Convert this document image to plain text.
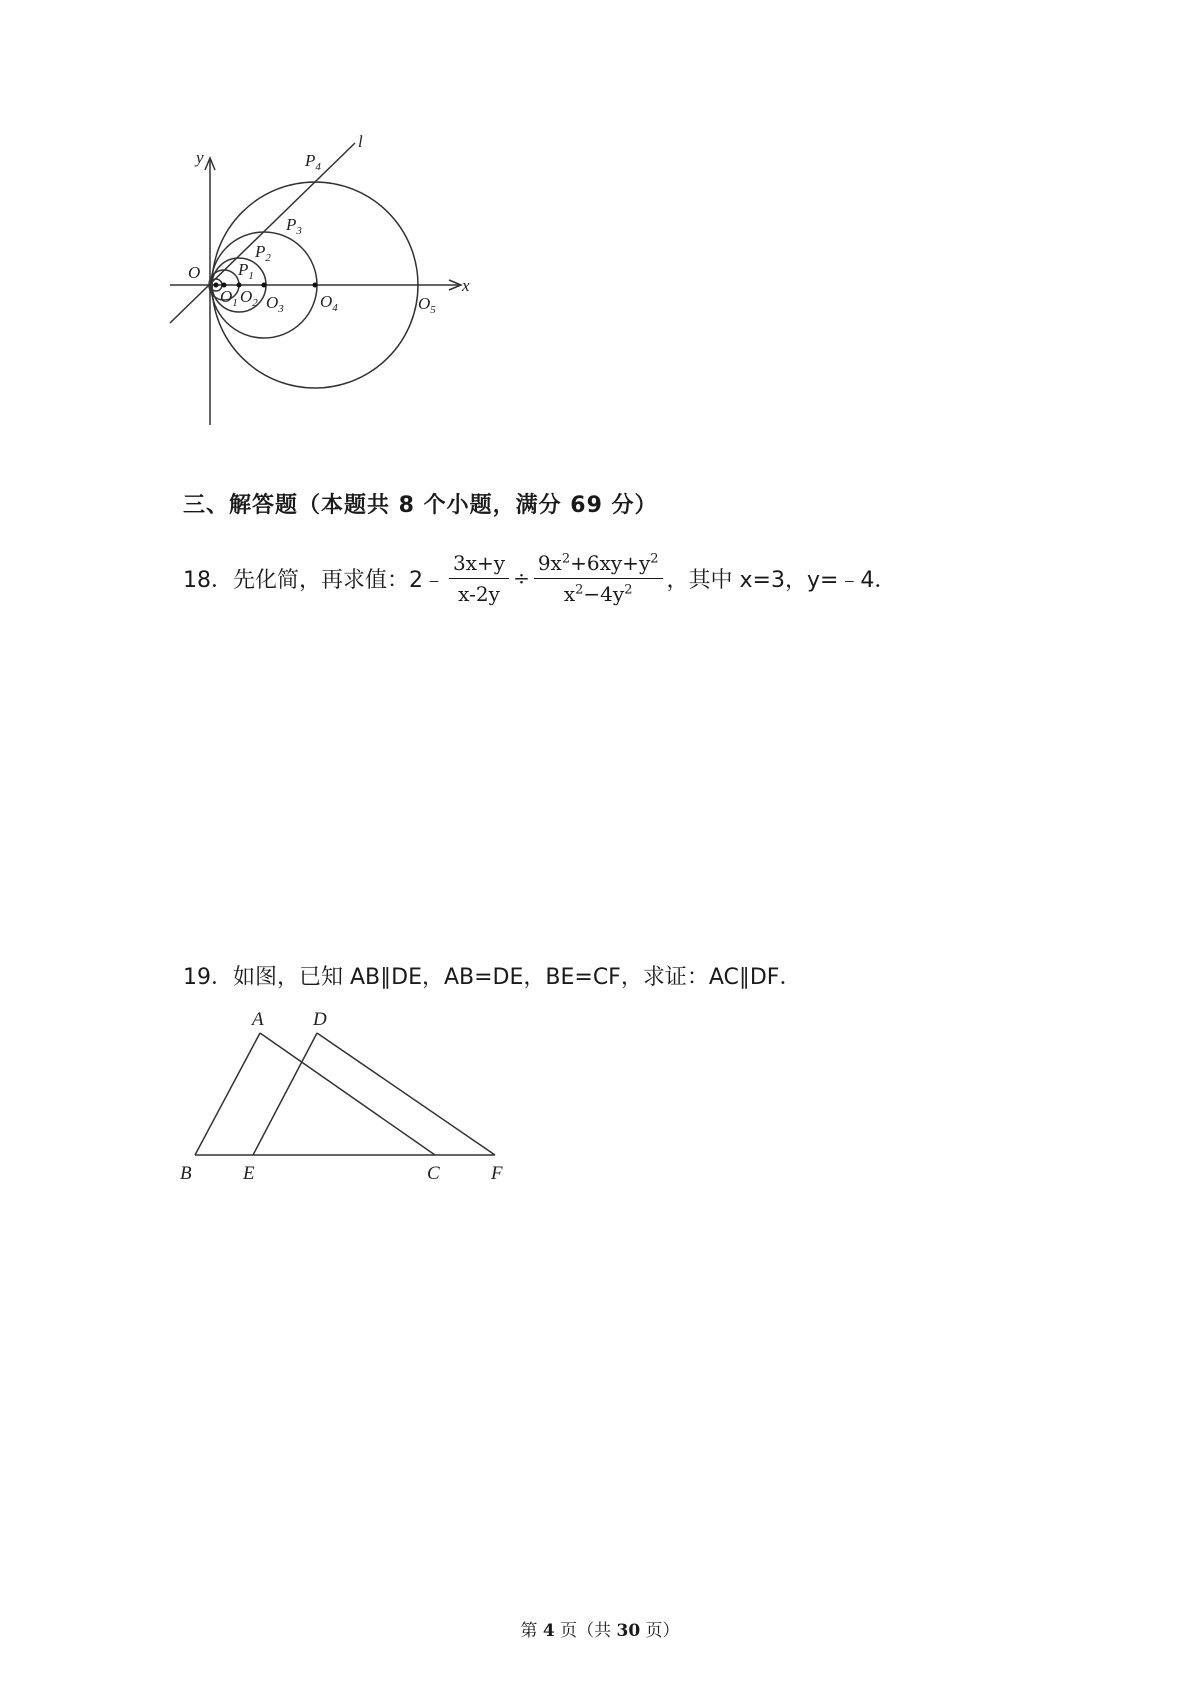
y
l
x
O $P_1$
$P_2$
$P_3$
$P_4$
$O_1$ $O_2$ $O_3$ $O_4$	$O_5$
三、解答题（本题共 8 个小题，满分 69 分）
18．先化简，再求值：2﹣ $\frac{3x+y}{x-2y} \div \frac{9x^2+6xy+y^2}{x^2-4y^2}$ ，其中 x=3，y=﹣4．
19．如图，已知 AB∥DE，AB=DE，BE=CF，求证：AC∥DF．
A	D
B	E	C	F
第 4 页（共 30 页）
